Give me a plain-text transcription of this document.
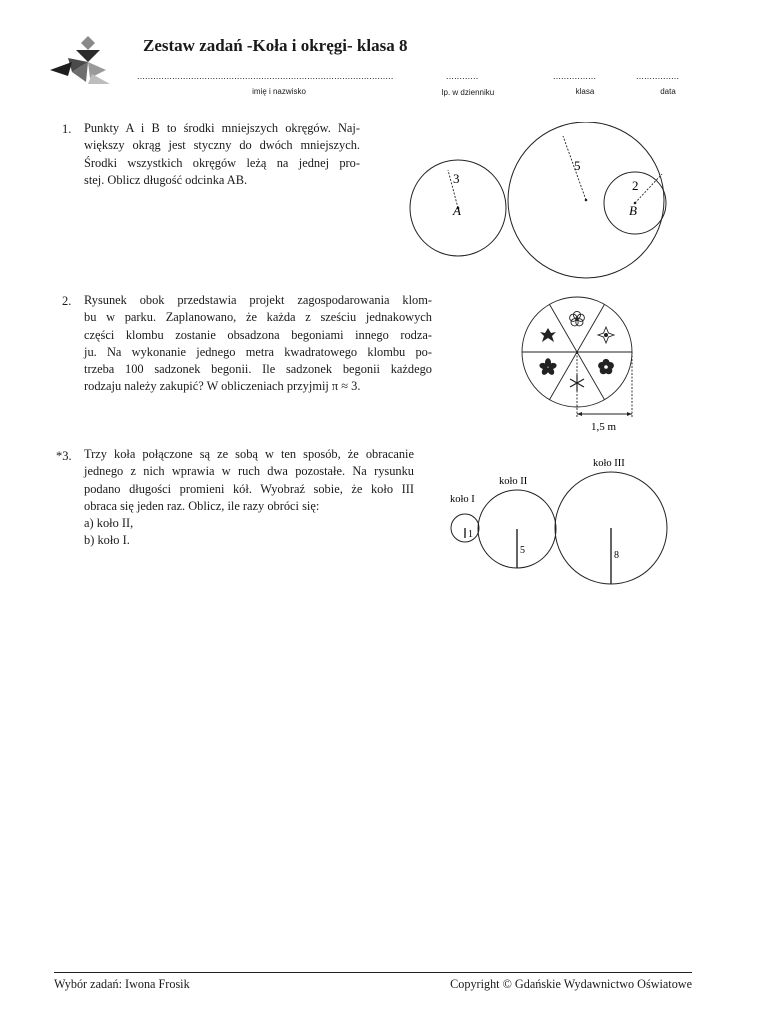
Zestaw zadań -Koła i okręgi- klasa 8
...............................................................................................
imię i nazwisko
............
lp. w dzienniku
................
klasa
................
data
1. Punkty A i B to środki mniejszych okręgów. Naj-
większy okrąg jest styczny do dwóch mniejszych.
Środki wszystkich okręgów leżą na jednej pro-
stej. Oblicz długość odcinka AB.	3
5
2
A	B
2. Rysunek obok przedstawia projekt zagospodarowania klom-
bu w parku. Zaplanowano, że każda z sześciu jednakowych
części klombu zostanie obsadzona begoniami innego rodza-
ju. Na wykonanie jednego metra kwadratowego klombu po-
trzeba 100 sadzonek begonii. Ile sadzonek begonii każdego
rodzaju należy zakupić? W obliczeniach przyjmij π ≈ 3.
1,5 m
*3. Trzy koła połączone są ze sobą w ten sposób, że obracanie
jednego z nich wprawia w ruch dwa pozostałe. Na rysunku
podano długości promieni kół. Wyobraź sobie, że koło III
obraca się jeden raz. Oblicz, ile razy obróci się:
a) koło II,
b) koło I.
koło I
koło II
koło III
1
5	8
Wybór zadań: Iwona Frosik	Copyright © Gdańskie Wydawnictwo Oświatowe
